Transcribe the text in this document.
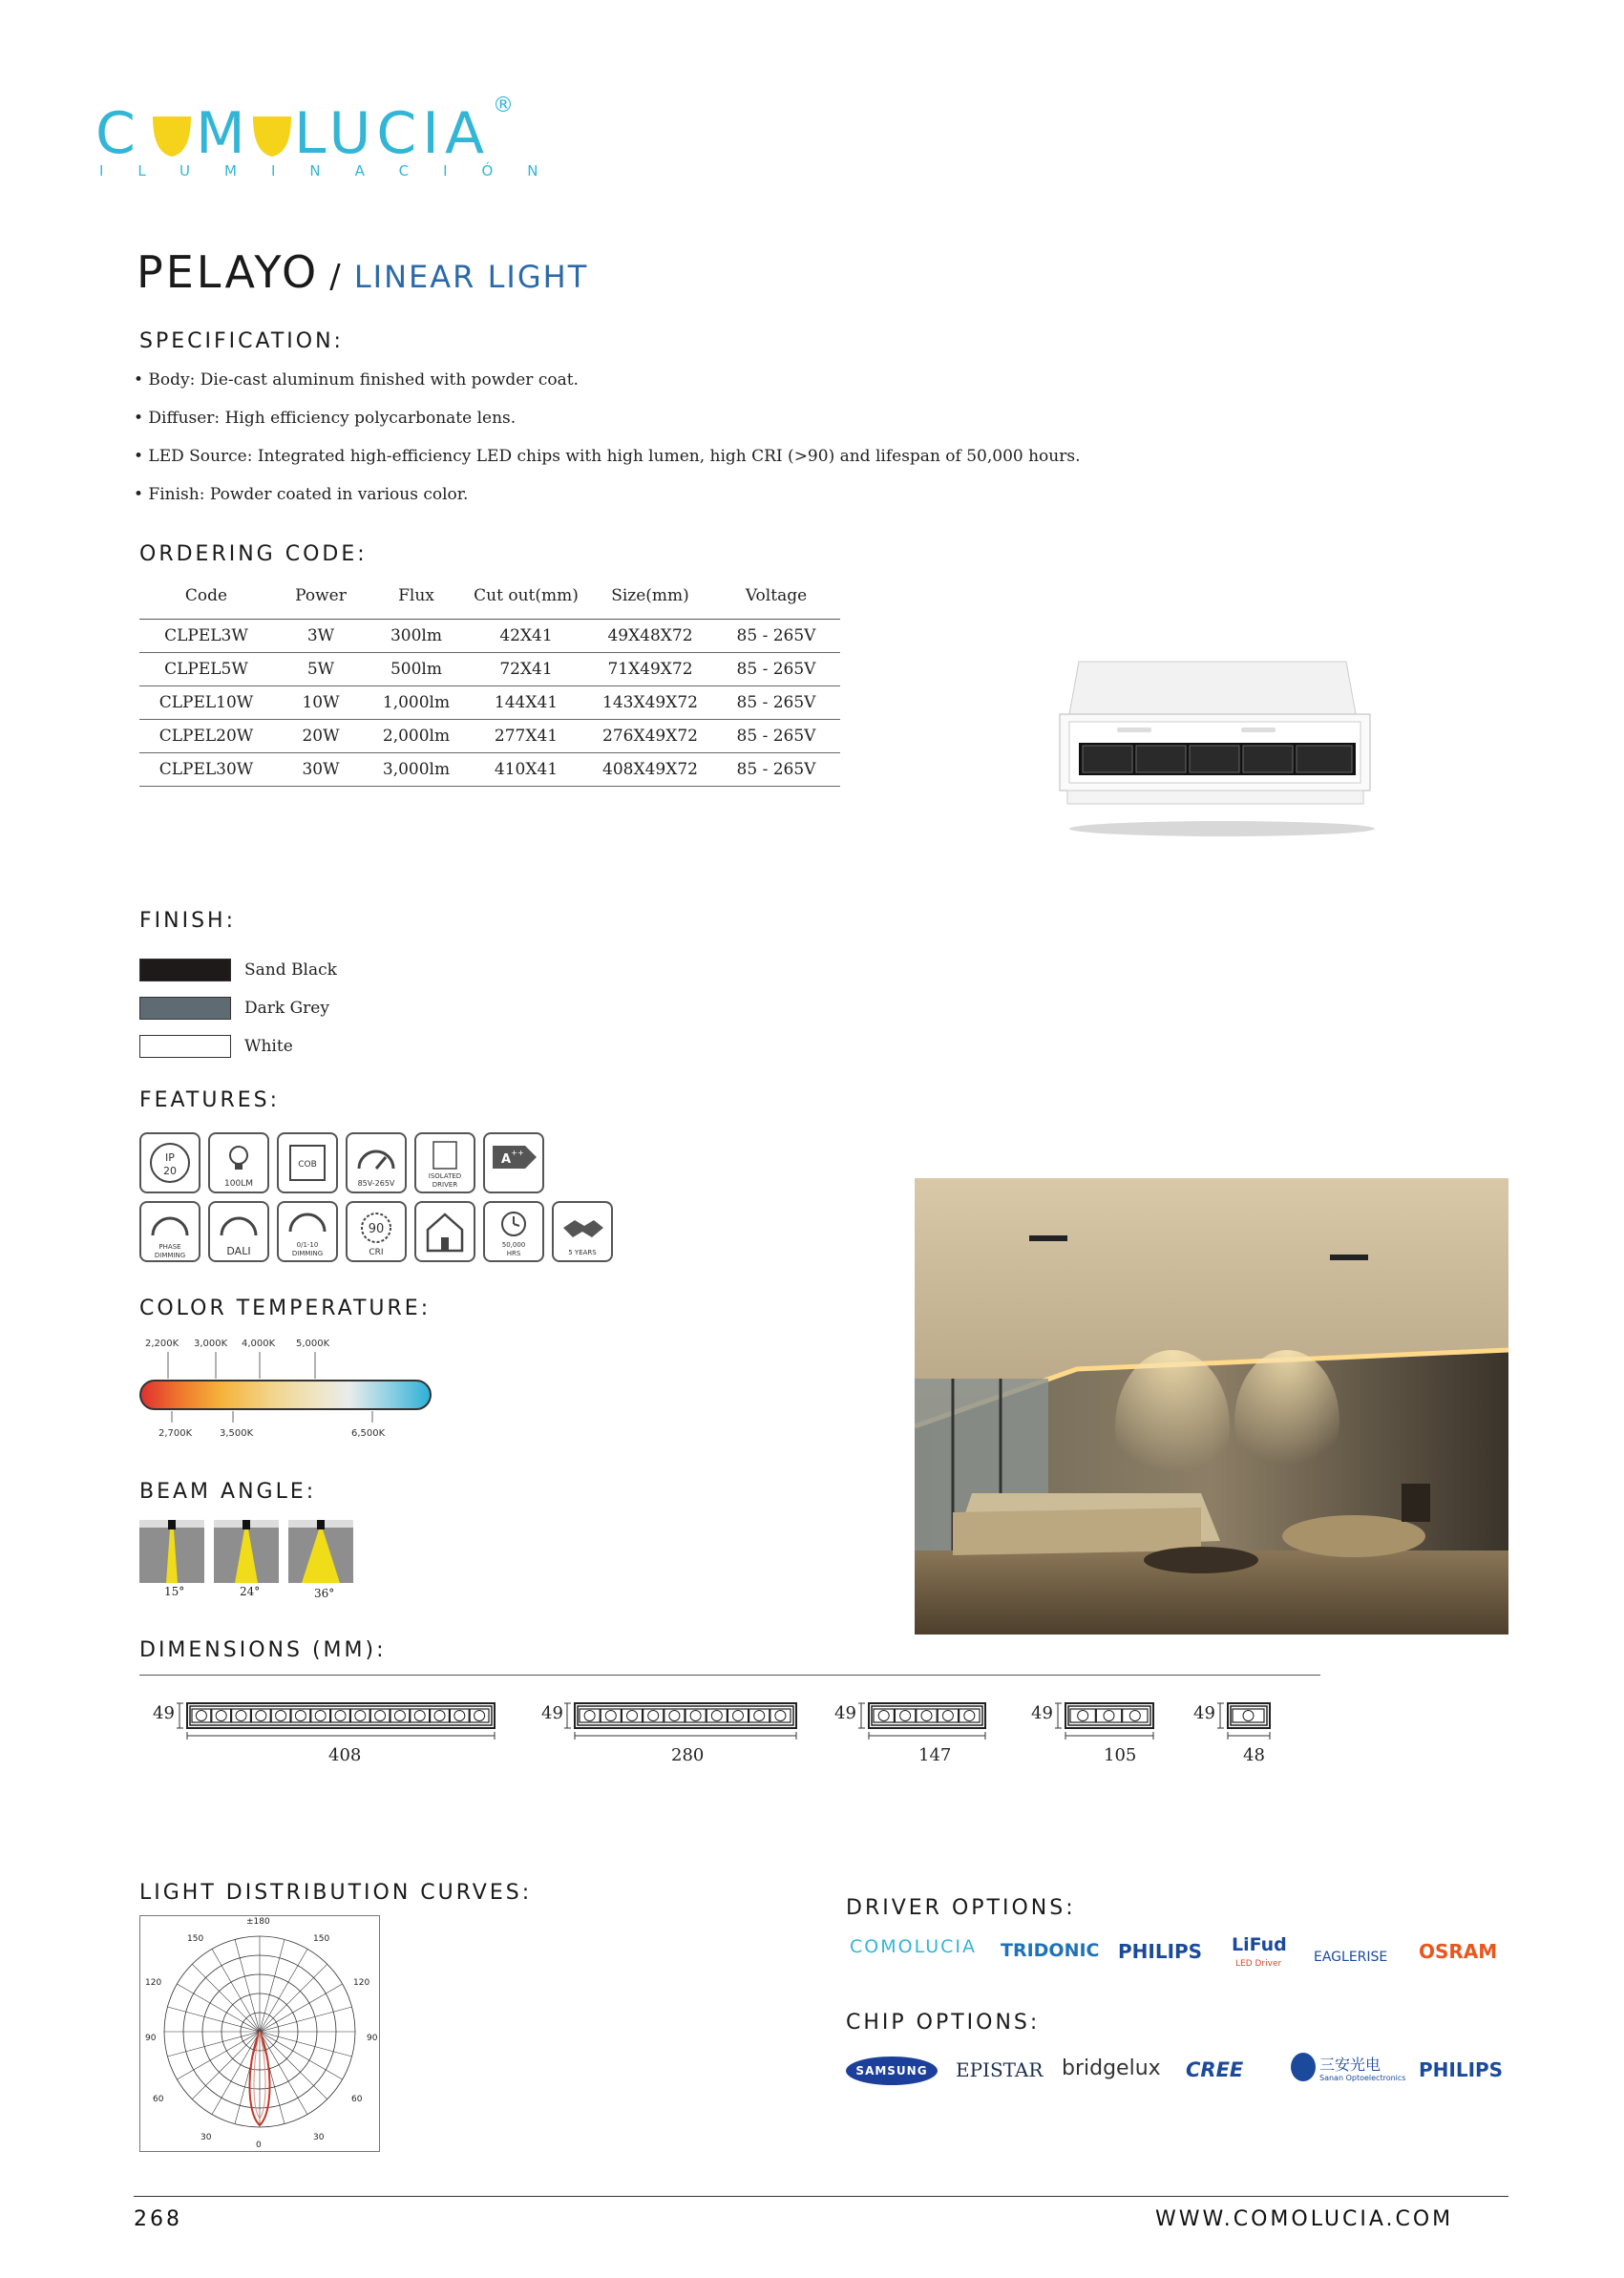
C M LUCIA
ILUMINACIÓN
®
PELAYO / LINEAR LIGHT
SPECIFICATION:
• Body: Die-cast aluminum finished with powder coat.
• Diffuser: High efficiency polycarbonate lens.
• LED Source: Integrated high-efficiency LED chips with high lumen, high CRI (>90) and lifespan of 50,000 hours.
• Finish: Powder coated in various color.
ORDERING CODE:
Code	Power	Flux	Cut out(mm)	Size(mm)	Voltage
CLPEL3W	3W	300lm	42X41	49X48X72	85 - 265V
CLPEL5W	5W	500lm	72X41	71X49X72	85 - 265V
CLPEL10W	10W	1,000lm	144X41	143X49X72	85 - 265V
CLPEL20W	20W	2,000lm	277X41	276X49X72	85 - 265V
CLPEL30W	30W	3,000lm	410X41	408X49X72	85 - 265V
FINISH:
Sand Black
Dark Grey
White
FEATURES:
IP
20
100LM
COB
85V-265V
ISOLATED
DRIVER
A ++
PHASE
DIMMING	DALI	0/1-10
DIMMING
90
CRI
50,000
HRS	5 YEARS
COLOR TEMPERATURE:
2,200K 3,000K 4,000K 5,000K
2,700K	3,500K	6,500K
BEAM ANGLE:
15°	24°	36°
DIMENSIONS (MM):
49
408
49
280
49
147
49
105
49
48
LIGHT DISTRIBUTION CURVES:
±180
150	150
120	120
90	90
60	60
30	30
0
DRIVER OPTIONS:
COMOLUCIA TRIDONIC PHILIPS LiFud
LED Driver EAGLERISE OSRAM
CHIP OPTIONS:
SAMSUNG EPISTAR bridgelux CREE	三安光电
Sanan Optoelectronics PHILIPS
268	WWW.COMOLUCIA.COM
